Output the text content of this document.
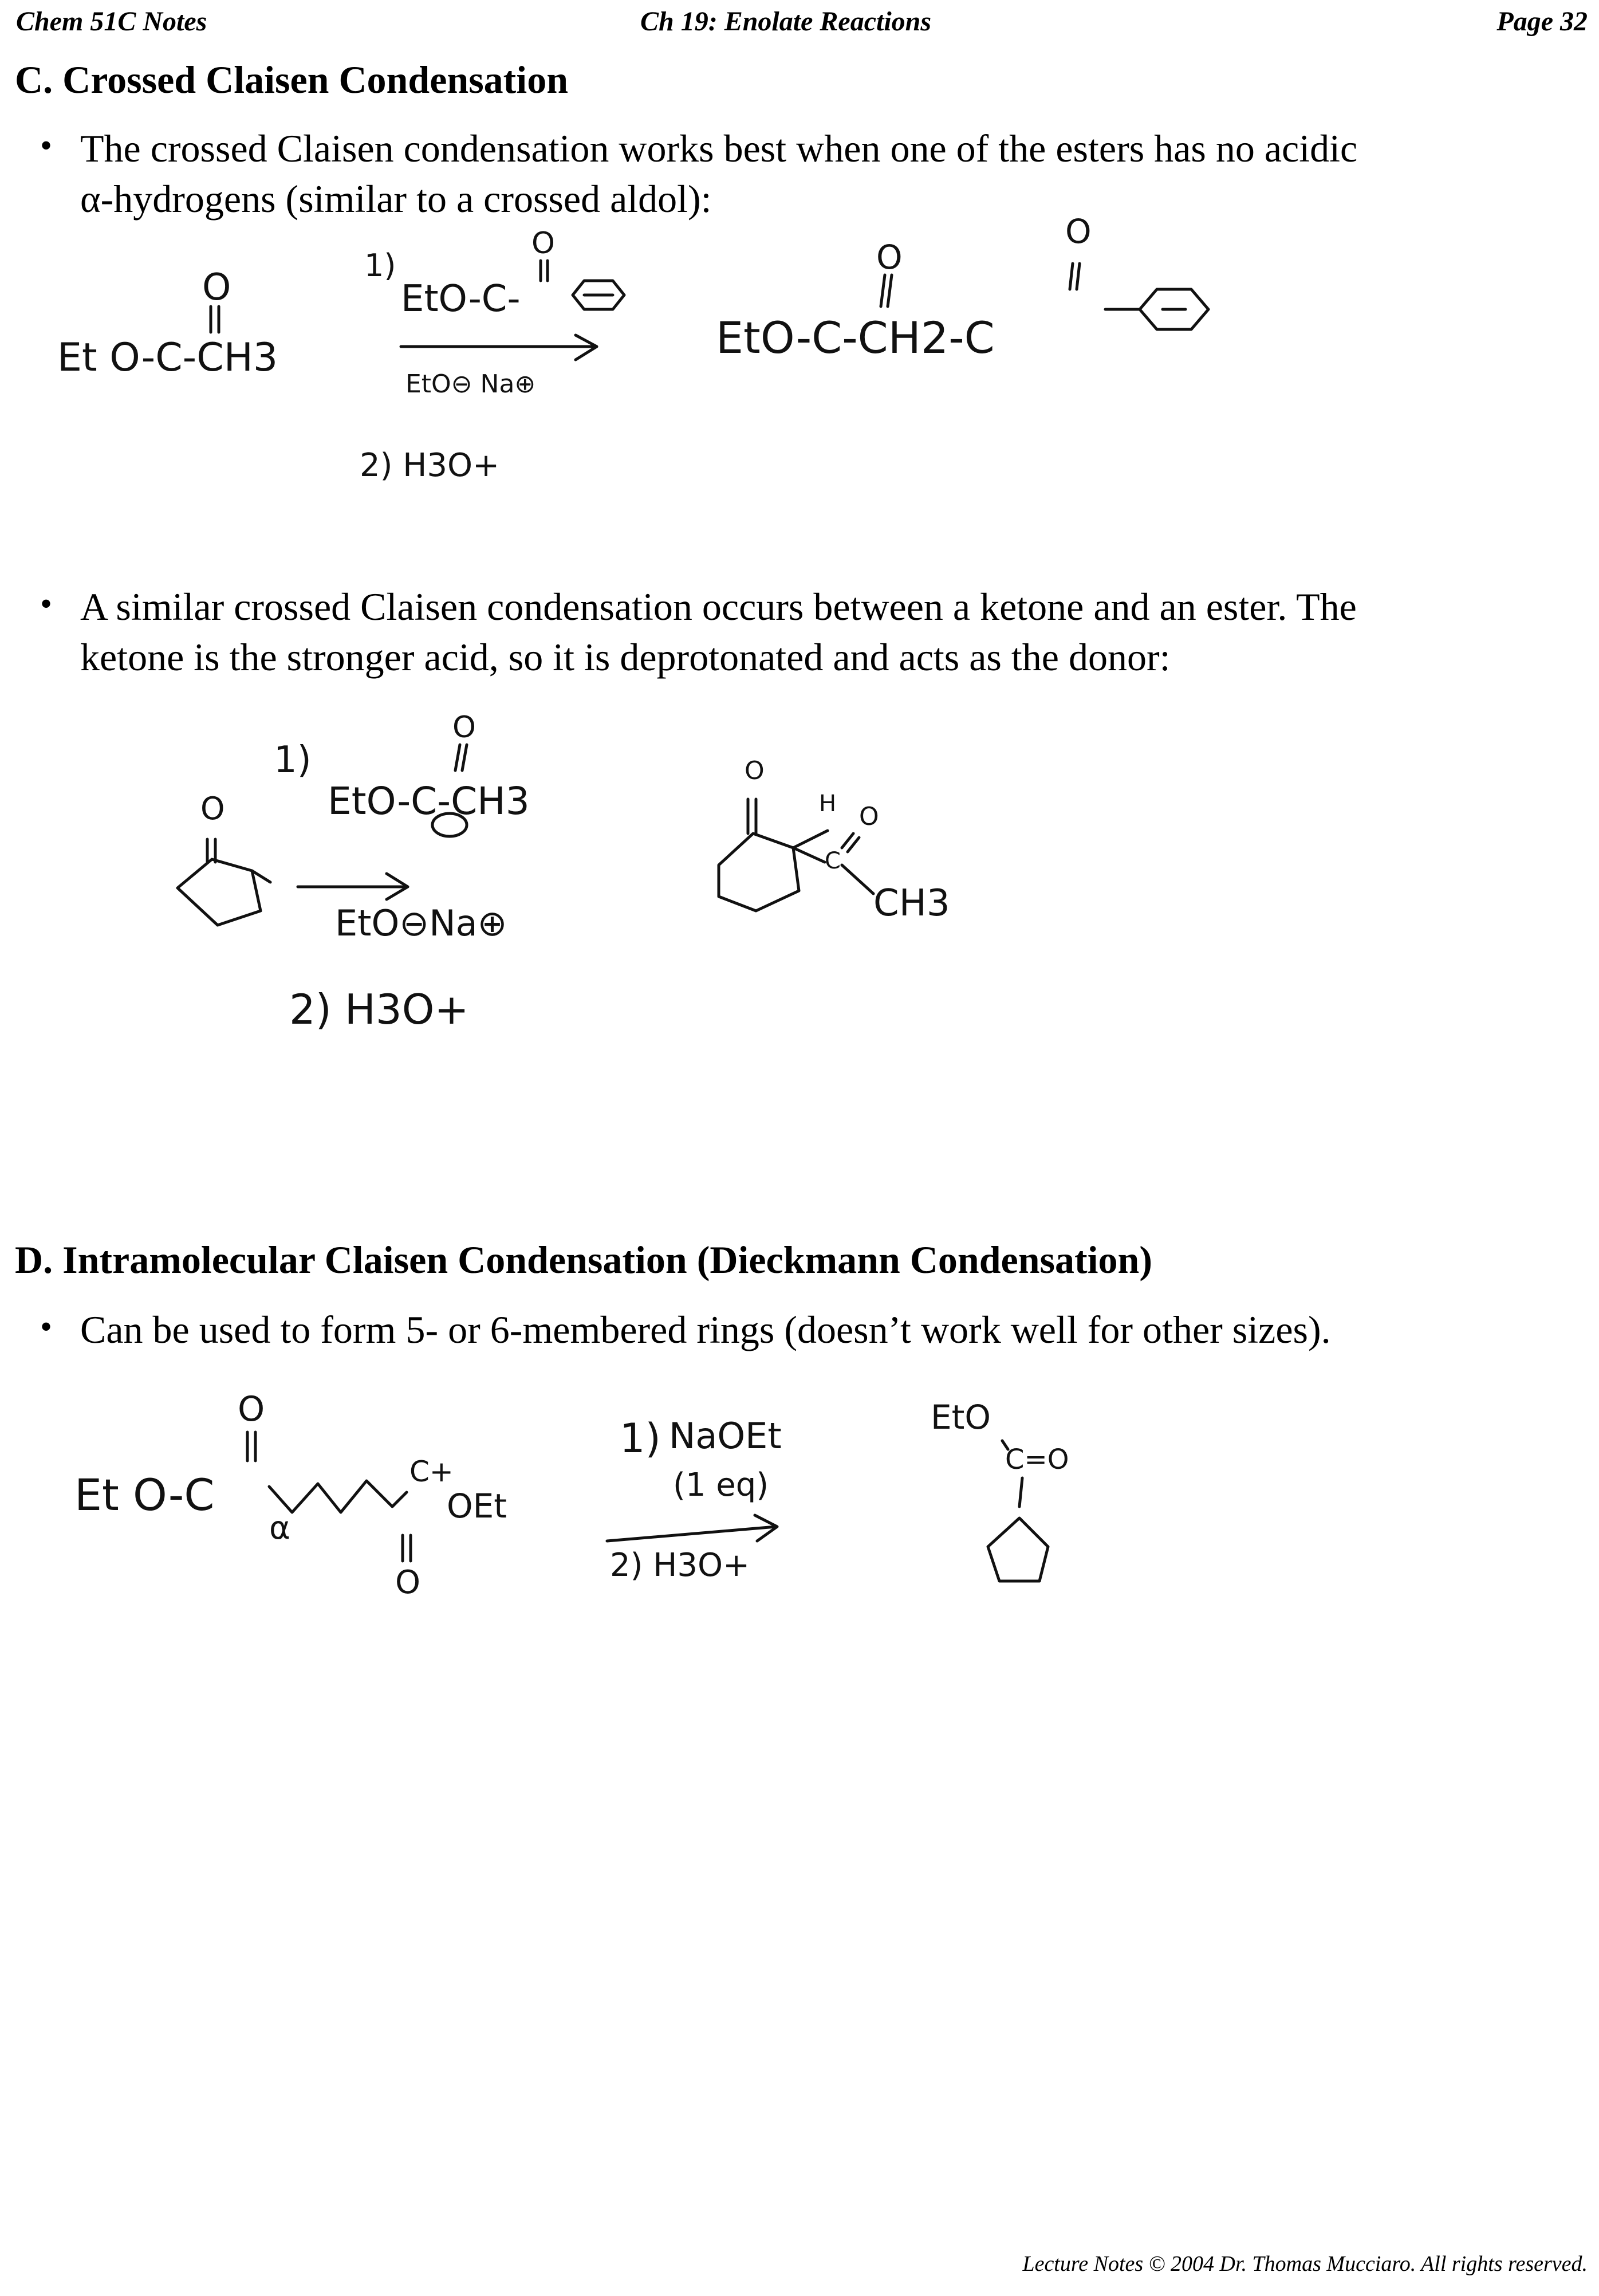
Chem 51C Notes	Ch 19: Enolate Reactions	Page 32
C. Crossed Claisen Condensation
• The crossed Claisen condensation works best when one of the esters has no acidic
α-hydrogens (similar to a crossed aldol):
Et O-C-CH3
O
1)
EtO-C-
O
EtO⊖ Na⊕
2) H3O+
EtO-C-CH2-C
O
O
• A similar crossed Claisen condensation occurs between a ketone and an ester. The
ketone is the stronger acid, so it is deprotonated and acts as the donor:
O
1)
EtO-C-CH3
O
EtO⊖Na⊕
2) H3O+
O
H O
C
CH3
D. Intramolecular Claisen Condensation (Dieckmann Condensation)
• Can be used to form 5- or 6-membered rings (doesn’t work well for other sizes).
O
Et O-C
α
C+
OEt
O
1) NaOEt
(1 eq)
2) H3O+
EtO
C=O
Lecture Notes © 2004 Dr. Thomas Mucciaro. All rights reserved.
